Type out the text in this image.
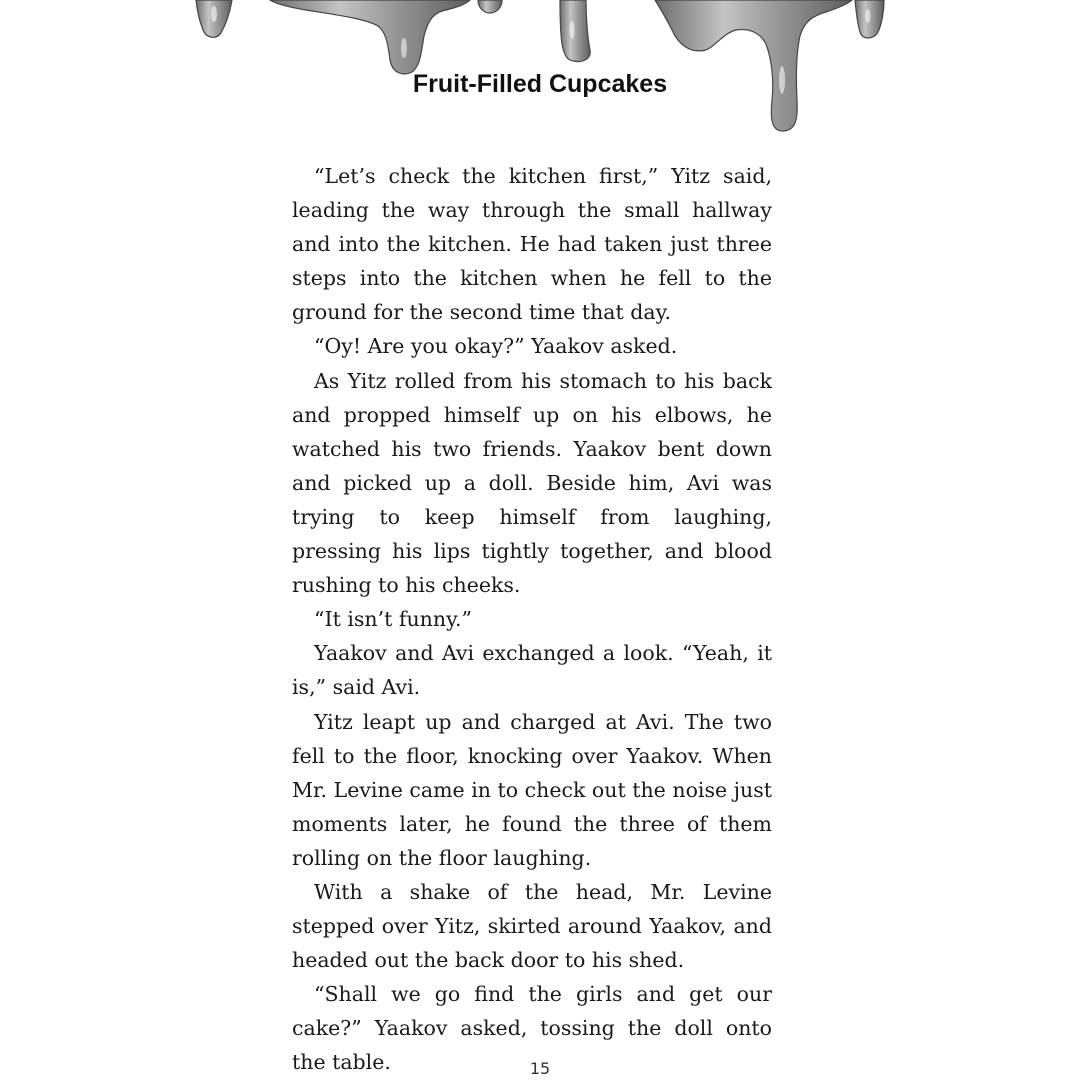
Fruit-Filled Cupcakes

“Let’s check the kitchen first,” Yitz said, leading the way through the small hallway and into the kitchen. He had taken just three steps into the kitchen when he fell to the ground for the second time that day.

“Oy! Are you okay?” Yaakov asked.

As Yitz rolled from his stomach to his back and propped himself up on his elbows, he watched his two friends. Yaakov bent down and picked up a doll. Beside him, Avi was trying to keep himself from laughing, pressing his lips tightly together, and blood rushing to his cheeks.

“It isn’t funny.”

Yaakov and Avi exchanged a look. “Yeah, it is,” said Avi.

Yitz leapt up and charged at Avi. The two fell to the floor, knocking over Yaakov. When Mr. Levine came in to check out the noise just moments later, he found the three of them rolling on the floor laughing.

With a shake of the head, Mr. Levine stepped over Yitz, skirted around Yaakov, and headed out the back door to his shed.

“Shall we go find the girls and get our cake?” Yaakov asked, tossing the doll onto the table.	15
